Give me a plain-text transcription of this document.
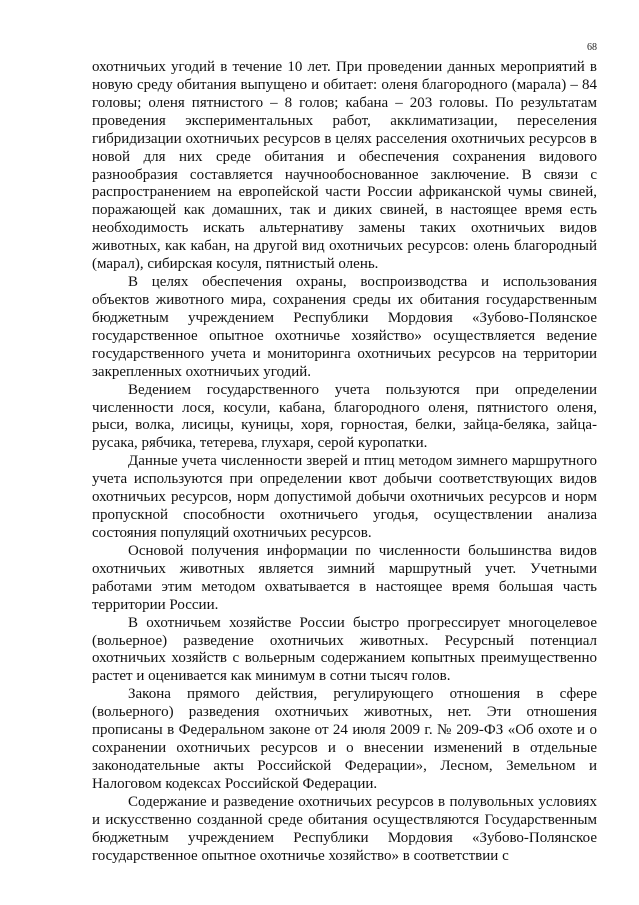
68

охотничьих угодий в течение 10 лет. При проведении данных мероприятий в новую среду обитания выпущено и обитает: оленя благородного (марала) – 84 головы; оленя пятнистого – 8 голов; кабана – 203 головы. По результатам проведения экспериментальных работ, акклиматизации, переселения гибридизации охотничьих ресурсов в целях расселения охотничьих ресурсов в новой для них среде обитания и обеспечения сохранения видового разнообразия составляется научнообоснованное заключение. В связи с распространением на европейской части России африканской чумы свиней, поражающей как домашних, так и диких свиней, в настоящее время есть необходимость искать альтернативу замены таких охотничьих видов животных, как кабан, на другой вид охотничьих ресурсов: олень благородный (марал), сибирская косуля, пятнистый олень.

В целях обеспечения охраны, воспроизводства и использования объектов животного мира, сохранения среды их обитания государственным бюджетным учреждением Республики Мордовия «Зубово-Полянское государственное опытное охотничье хозяйство» осуществляется ведение государственного учета и мониторинга охотничьих ресурсов на территории закрепленных охотничьих угодий.

Ведением государственного учета пользуются при определении численности лося, косули, кабана, благородного оленя, пятнистого оленя, рыси, волка, лисицы, куницы, хоря, горностая, белки, зайца-беляка, зайца-русака, рябчика, тетерева, глухаря, серой куропатки.

Данные учета численности зверей и птиц методом зимнего маршрутного учета используются при определении квот добычи соответствующих видов охотничьих ресурсов, норм допустимой добычи охотничьих ресурсов и норм пропускной способности охотничьего угодья, осуществлении анализа состояния популяций охотничьих ресурсов.

Основой получения информации по численности большинства видов охотничьих животных является зимний маршрутный учет. Учетными работами этим методом охватывается в настоящее время большая часть территории России.

В охотничьем хозяйстве России быстро прогрессирует многоцелевое (вольерное) разведение охотничьих животных. Ресурсный потенциал охотничьих хозяйств с вольерным содержанием копытных преимущественно растет и оценивается как минимум в сотни тысяч голов.

Закона прямого действия, регулирующего отношения в сфере (вольерного) разведения охотничьих животных, нет. Эти отношения прописаны в Федеральном законе от 24 июля 2009 г. № 209-ФЗ «Об охоте и о сохранении охотничьих ресурсов и о внесении изменений в отдельные законодательные акты Российской Федерации», Лесном, Земельном и Налоговом кодексах Российской Федерации.

Содержание и разведение охотничьих ресурсов в полувольных условиях и искусственно созданной среде обитания осуществляются Государственным бюджетным учреждением Республики Мордовия «Зубово-Полянское государственное опытное охотничье хозяйство» в соответствии с
